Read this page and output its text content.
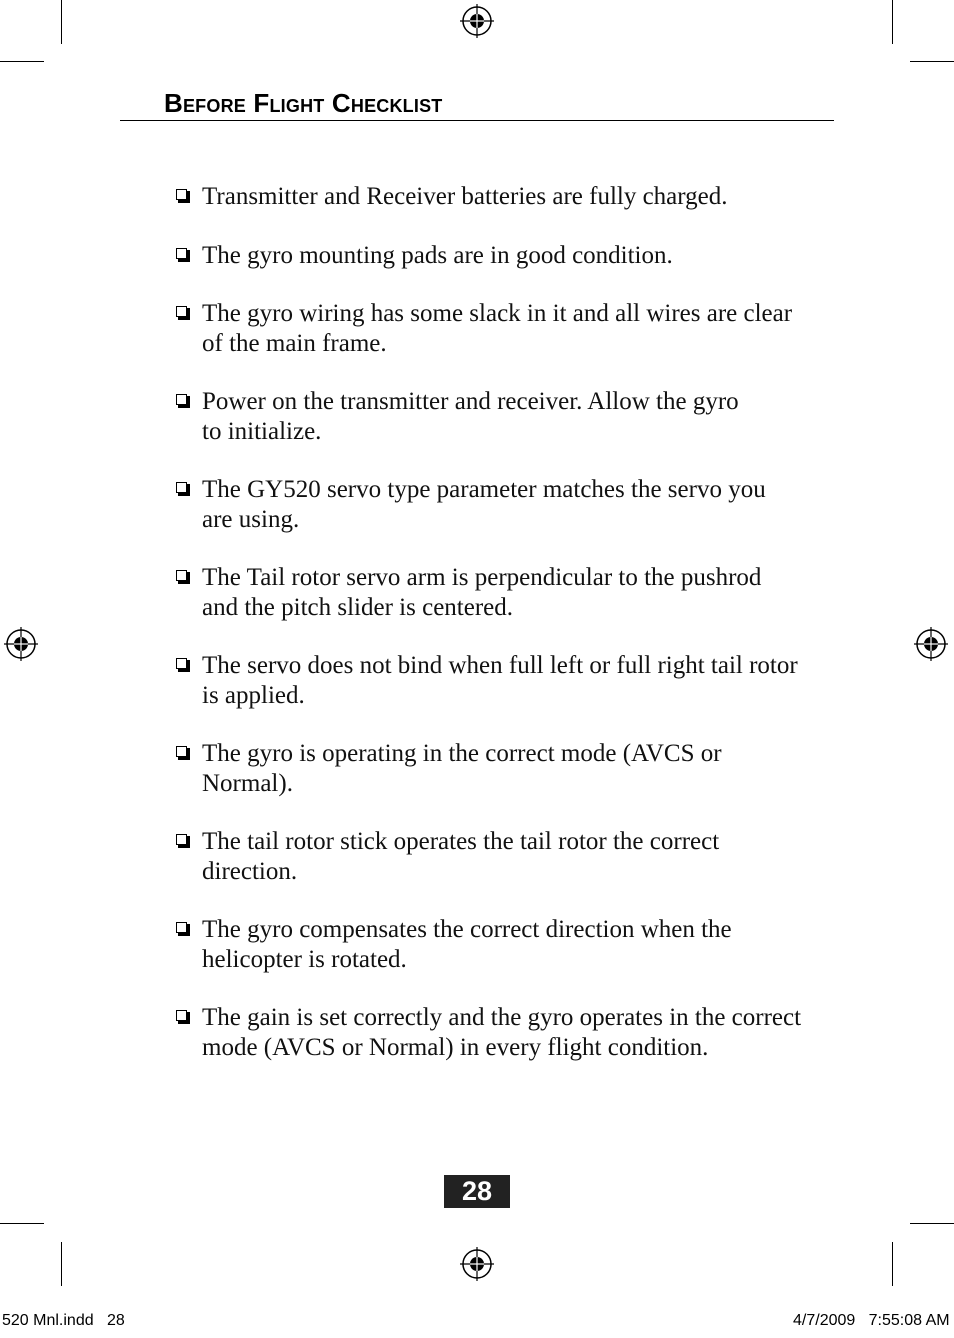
Before Flight Checklist
Transmitter and Receiver batteries are fully charged.
The gyro mounting pads are in good condition.
The gyro wiring has some slack in it and all wires are clear
of the main frame.
Power on the transmitter and receiver. Allow the gyro
to initialize.
The GY520 servo type parameter matches the servo you
are using.
The Tail rotor servo arm is perpendicular to the pushrod
and the pitch slider is centered.
The servo does not bind when full left or full right tail rotor
is applied.
The gyro is operating in the correct mode (AVCS or
Normal).
The tail rotor stick operates the tail rotor the correct
direction.
The gyro compensates the correct direction when the
helicopter is rotated.
The gain is set correctly and the gyro operates in the correct
mode (AVCS or Normal) in every flight condition.
28
520 Mnl.indd   28	4/7/2009   7:55:08 AM
